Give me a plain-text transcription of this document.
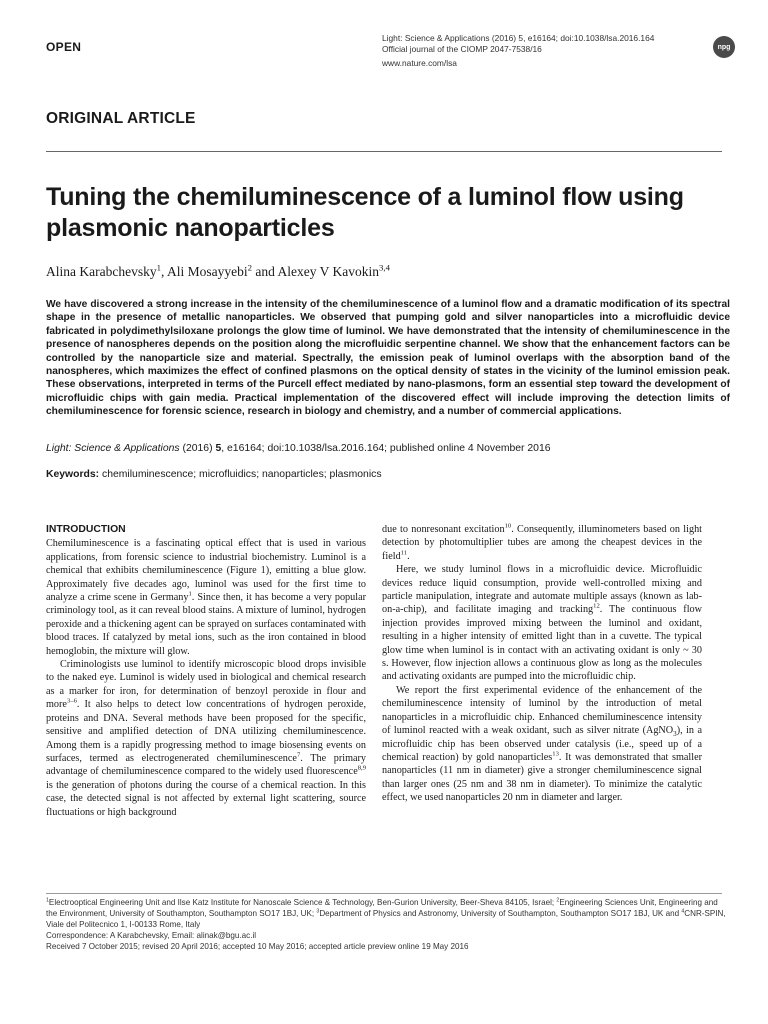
OPEN
Light: Science & Applications (2016) 5, e16164; doi:10.1038/lsa.2016.164
Official journal of the CIOMP 2047-7538/16
www.nature.com/lsa
npg
ORIGINAL ARTICLE
Tuning the chemiluminescence of a luminol flow using plasmonic nanoparticles
Alina Karabchevsky$^1$, Ali Mosayyebi$^2$ and Alexey V Kavokin$^{3,4}$
We have discovered a strong increase in the intensity of the chemiluminescence of a luminol flow and a dramatic modification of its spectral shape in the presence of metallic nanoparticles. We observed that pumping gold and silver nanoparticles into a microfluidic device fabricated in polydimethylsiloxane prolongs the glow time of luminol. We have demonstrated that the intensity of chemiluminescence in the presence of nanospheres depends on the position along the microfluidic serpentine channel. We show that the enhancement factors can be controlled by the nanoparticle size and material. Spectrally, the emission peak of luminol overlaps with the absorption band of the nanospheres, which maximizes the effect of confined plasmons on the optical density of states in the vicinity of the luminol emission peak. These observations, interpreted in terms of the Purcell effect mediated by nano-plasmons, form an essential step toward the development of microfluidic chips with gain media. Practical implementation of the discovered effect will include improving the detection limits of chemiluminescence for forensic science, research in biology and chemistry, and a number of commercial applications.
Light: Science & Applications (2016) 5, e16164; doi:10.1038/lsa.2016.164; published online 4 November 2016
Keywords: chemiluminescence; microfluidics; nanoparticles; plasmonics
INTRODUCTION

Chemiluminescence is a fascinating optical effect that is used in various applications, from forensic science to industrial biochemistry. Luminol is a chemical that exhibits chemiluminescence (Figure 1), emitting a blue glow. Approximately five decades ago, luminol was used for the first time to analyze a crime scene in Germany$^1$. Since then, it has become a very popular criminology tool, as it can reveal blood stains. A mixture of luminol, hydrogen peroxide and a thickening agent can be sprayed on surfaces contaminated with blood traces. If catalyzed by metal ions, such as the iron contained in blood hemoglobin, the mixture will glow.

Criminologists use luminol to identify microscopic blood drops invisible to the naked eye. Luminol is widely used in biological and chemical research as a marker for iron, for determination of benzoyl peroxide in flour and more$^{3-6}$. It also helps to detect low concentrations of hydrogen peroxide, proteins and DNA. Several methods have been proposed for the specific, sensitive and amplified detection of DNA utilizing chemiluminescence. Among them is a rapidly progressing method to image biosensing events on surfaces, termed as electrogenerated chemiluminescence$^7$. The primary advantage of chemiluminescence compared to the widely used fluorescence$^{8,9}$ is the generation of photons during the course of a chemical reaction. In this case, the detected signal is not affected by external light scattering, source fluctuations or high background

due to nonresonant excitation$^{10}$. Consequently, illuminometers based on light detection by photomultiplier tubes are among the cheapest devices in the field$^{11}$.

Here, we study luminol flows in a microfluidic device. Microfluidic devices reduce liquid consumption, provide well-controlled mixing and particle manipulation, integrate and automate multiple assays (known as lab-on-a-chip), and facilitate imaging and tracking$^{12}$. The continuous flow injection provides improved mixing between the luminol and oxidant, resulting in a higher intensity of emitted light than in a cuvette. The typical glow time when luminol is in contact with an activating oxidant is only ~ 30 s. However, flow injection allows a continuous glow as long as the molecules and activating oxidants are pumped into the microfluidic chip.

We report the first experimental evidence of the enhancement of the chemiluminescence intensity of luminol by the introduction of metal nanoparticles in a microfluidic chip. Enhanced chemiluminescence intensity of luminol reacted with a weak oxidant, such as silver nitrate (AgNO$_3$), in a microfluidic chip has been observed under catalysis (i.e., speed up of a chemical reaction) by gold nanoparticles$^{13}$. It was demonstrated that smaller nanoparticles (11 nm in diameter) give a stronger chemiluminescence signal than larger ones (25 nm and 38 nm in diameter). To minimize the catalytic effect, we used nanoparticles 20 nm in diameter and larger.

$^1$Electrooptical Engineering Unit and Ilse Katz Institute for Nanoscale Science & Technology, Ben-Gurion University, Beer-Sheva 84105, Israel; $^2$Engineering Sciences Unit, Engineering and the Environment, University of Southampton, Southampton SO17 1BJ, UK; $^3$Department of Physics and Astronomy, University of Southampton, Southampton SO17 1BJ, UK and $^4$CNR-SPIN, Viale del Politecnico 1, I-00133 Rome, Italy
Correspondence: A Karabchevsky, Email: alinak@bgu.ac.il
Received 7 October 2015; revised 20 April 2016; accepted 10 May 2016; accepted article preview online 19 May 2016
